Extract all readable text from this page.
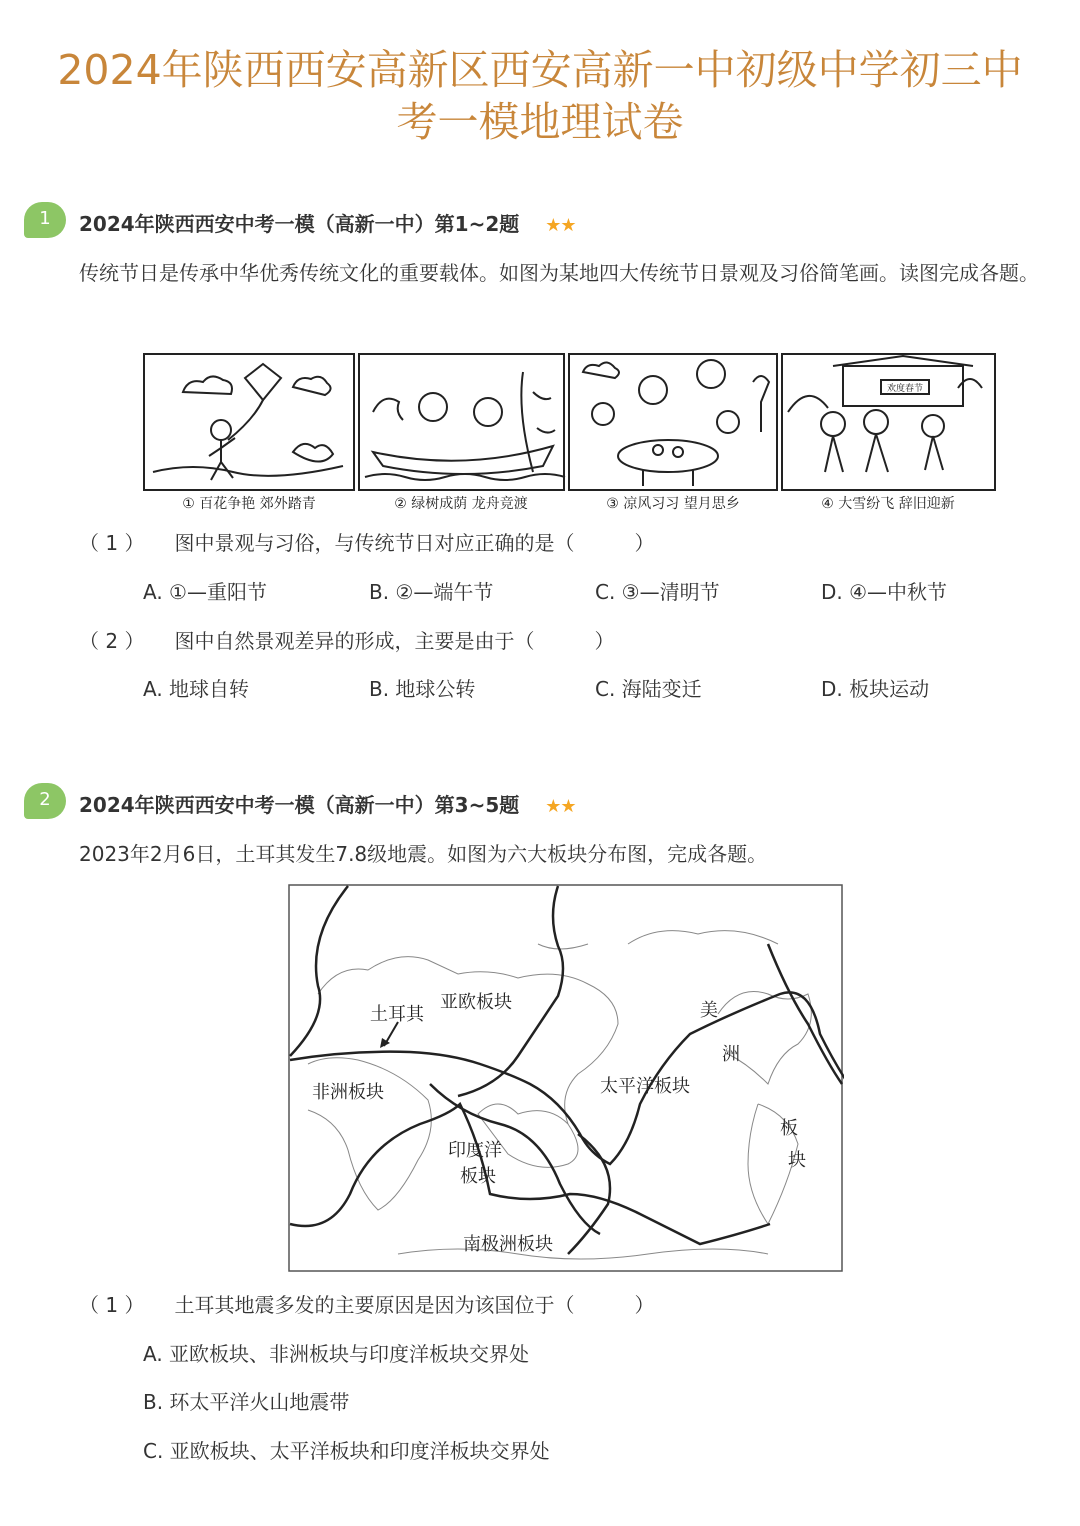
2024年陕西西安高新区西安高新一中初级中学初三中
考一模地理试卷
1	2024年陕西西安中考一模（高新一中）第1~2题 ★★
传统节日是传承中华优秀传统文化的重要载体。如图为某地四大传统节日景观及习俗简笔画。读图完成各题。
欢度春节
① 百花争艳 郊外踏青	② 绿树成荫 龙舟竞渡	③ 凉风习习 望月思乡	④ 大雪纷飞 辞旧迎新
（ 1 ） 图中景观与习俗，与传统节日对应正确的是（　　　）
A. ①—重阳节	B. ②—端午节	C. ③—清明节	D. ④—中秋节
（ 2 ） 图中自然景观差异的形成，主要是由于（　　　）
A. 地球自转	B. 地球公转	C. 海陆变迁	D. 板块运动
2	2024年陕西西安中考一模（高新一中）第3~5题 ★★
2023年2月6日，土耳其发生7.8级地震。如图为六大板块分布图，完成各题。
土耳其
亚欧板块
非洲板块	太平洋板块
印度洋
板块
南极洲板块
美
洲
板
块
（ 1 ） 土耳其地震多发的主要原因是因为该国位于（　　　）
A. 亚欧板块、非洲板块与印度洋板块交界处
B. 环太平洋火山地震带
C. 亚欧板块、太平洋板块和印度洋板块交界处
